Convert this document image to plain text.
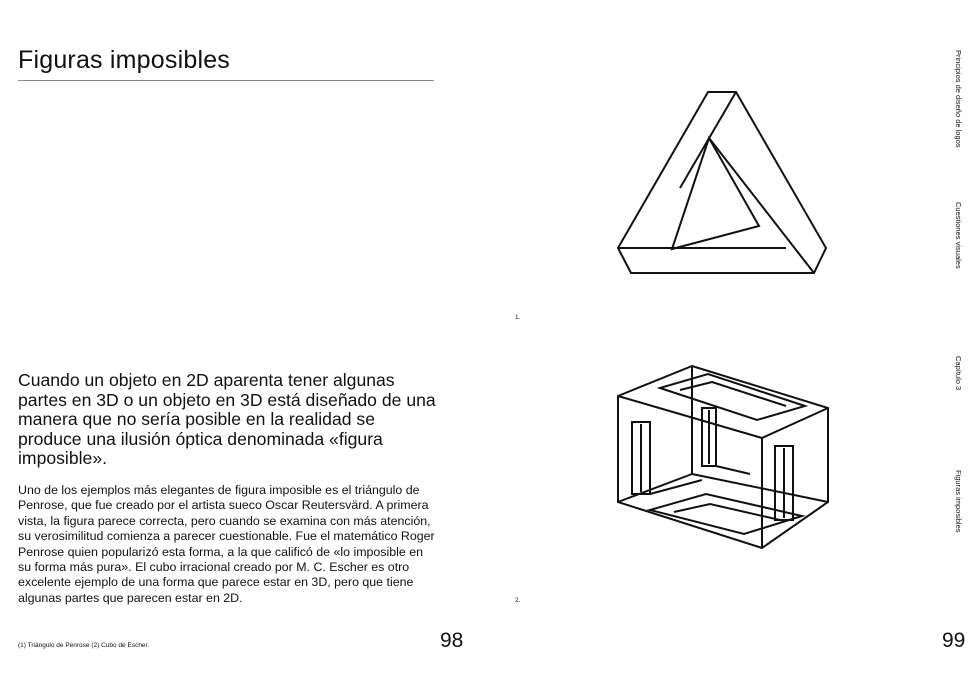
Figuras imposibles

Cuando un objeto en 2D aparenta tener algunas partes en 3D o un objeto en 3D está diseñado de una manera que no sería posible en la realidad se produce una ilusión óptica denominada «figura imposible».

Uno de los ejemplos más elegantes de figura imposible es el triángulo de Penrose, que fue creado por el artista sueco Oscar Reutersvärd. A primera vista, la figura parece correcta, pero cuando se examina con más atención, su verosimilitud comienza a parecer cuestionable. Fue el matemático Roger Penrose quien popularizó esta forma, a la que calificó de «lo imposible en su forma más pura». El cubo irracional creado por M. C. Escher es otro excelente ejemplo de una forma que parece estar en 3D, pero que tiene algunas partes que parecen estar en 2D.

(1) Triángulo de Penrose (2) Cubo de Escher.	98	99

1.

2.

Principios de diseño de logos
Cuestiones visuales
Capítulo 3
Figuras imposibles
